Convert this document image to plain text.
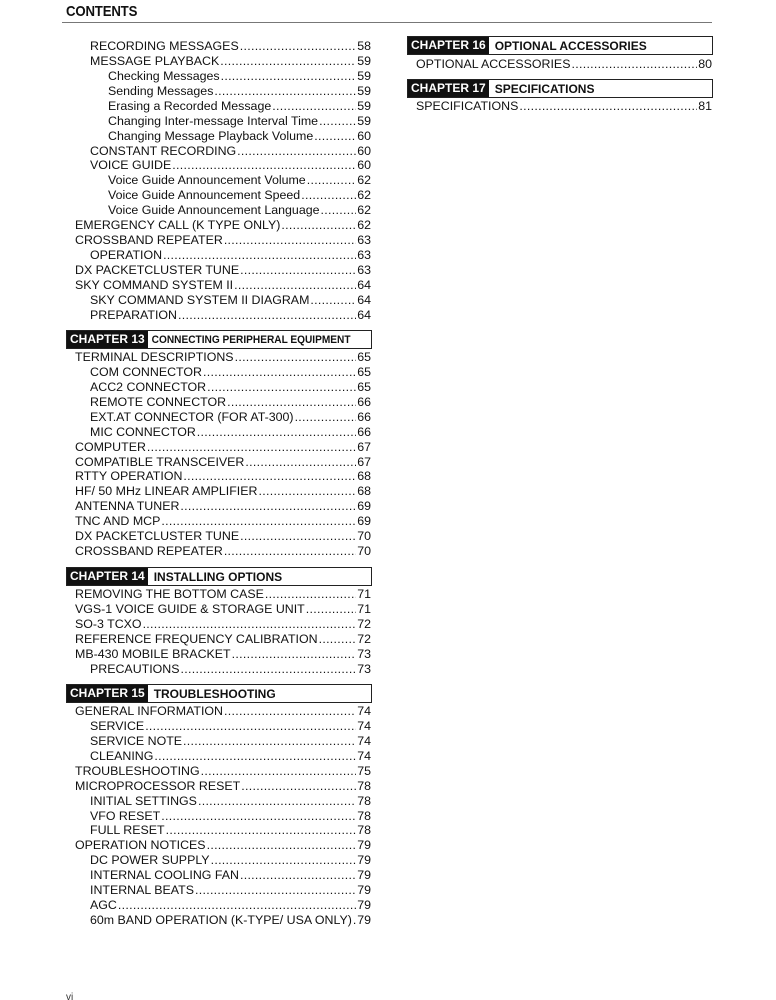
CONTENTS
RECORDING MESSAGES .....	58
MESSAGE PLAYBACK .....	59
Checking Messages .....	59
Sending Messages .....	59
Erasing a Recorded Message .....	59
Changing Inter-message Interval Time .....	59
Changing Message Playback Volume .....	60
CONSTANT RECORDING .....	60
VOICE GUIDE .....	60
Voice Guide Announcement Volume .....	62
Voice Guide Announcement Speed .....	62
Voice Guide Announcement Language .....	62
EMERGENCY CALL (K TYPE ONLY) .....	62
CROSSBAND REPEATER .....	63
OPERATION .....	63
DX PACKETCLUSTER TUNE .....	63
SKY COMMAND SYSTEM II .....	64
SKY COMMAND SYSTEM II DIAGRAM .....	64
PREPARATION .....	64
CHAPTER 13 CONNECTING PERIPHERAL EQUIPMENT
TERMINAL DESCRIPTIONS .....	65
COM CONNECTOR .....	65
ACC2 CONNECTOR .....	65
REMOTE CONNECTOR .....	66
EXT.AT CONNECTOR (FOR AT-300) .....	66
MIC CONNECTOR .....	66
COMPUTER .....	67
COMPATIBLE TRANSCEIVER .....	67
RTTY OPERATION .....	68
HF/ 50 MHz LINEAR AMPLIFIER .....	68
ANTENNA TUNER .....	69
TNC AND MCP .....	69
DX PACKETCLUSTER TUNE .....	70
CROSSBAND REPEATER .....	70
CHAPTER 14 INSTALLING OPTIONS
REMOVING THE BOTTOM CASE .....	71
VGS-1 VOICE GUIDE & STORAGE UNIT .....	71
SO-3 TCXO .....	72
REFERENCE FREQUENCY CALIBRATION .....	72
MB-430 MOBILE BRACKET .....	73
PRECAUTIONS .....	73
CHAPTER 15 TROUBLESHOOTING
GENERAL INFORMATION .....	74
SERVICE .....	74
SERVICE NOTE .....	74
CLEANING .....	74
TROUBLESHOOTING .....	75
MICROPROCESSOR RESET .....	78
INITIAL SETTINGS .....	78
VFO RESET .....	78
FULL RESET .....	78
OPERATION NOTICES .....	79
DC POWER SUPPLY .....	79
INTERNAL COOLING FAN .....	79
INTERNAL BEATS .....	79
AGC .....	79
60m BAND OPERATION (K-TYPE/ USA ONLY) ..... 79
CHAPTER 16 OPTIONAL ACCESSORIES
OPTIONAL ACCESSORIES .....	80
CHAPTER 17 SPECIFICATIONS
SPECIFICATIONS .....	81
vi
